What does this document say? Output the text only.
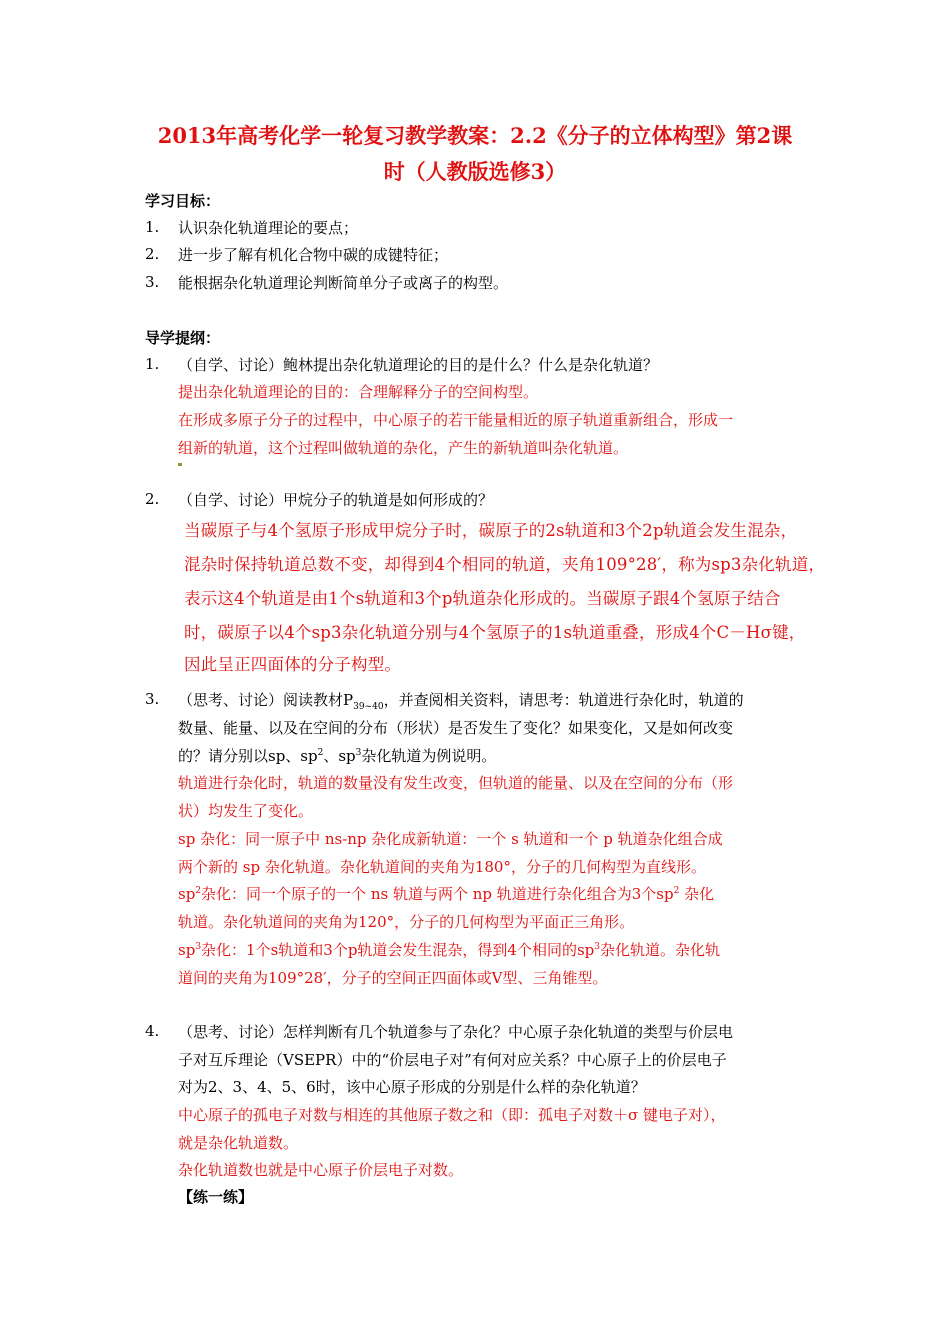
2013年高考化学一轮复习教学教案：2.2《分子的立体构型》第2课
时（人教版选修3）
学习目标：
1. 认识杂化轨道理论的要点；
2. 进一步了解有机化合物中碳的成键特征；
3. 能根据杂化轨道理论判断简单分子或离子的构型。
导学提纲：
1. （自学、讨论）鲍林提出杂化轨道理论的目的是什么？什么是杂化轨道？
提出杂化轨道理论的目的：合理解释分子的空间构型。
在形成多原子分子的过程中，中心原子的若干能量相近的原子轨道重新组合，形成一
组新的轨道，这个过程叫做轨道的杂化，产生的新轨道叫杂化轨道。
2. （自学、讨论）甲烷分子的轨道是如何形成的？
当碳原子与4个氢原子形成甲烷分子时，碳原子的2s轨道和3个2p轨道会发生混杂，
混杂时保持轨道总数不变，却得到4个相同的轨道，夹角109°28′，称为sp3杂化轨道，
表示这4个轨道是由1个s轨道和3个p轨道杂化形成的。当碳原子跟4个氢原子结合
时，碳原子以4个sp3杂化轨道分别与4个氢原子的1s轨道重叠，形成4个C－Hσ键，
因此呈正四面体的分子构型。
3. （思考、讨论）阅读教材$P_{39\sim 40}$，并查阅相关资料，请思考：轨道进行杂化时，轨道的
数量、能量、以及在空间的分布（形状）是否发生了变化？如果变化，又是如何改变
的？请分别以sp、$sp^2$、$sp^3$杂化轨道为例说明。
轨道进行杂化时，轨道的数量没有发生改变，但轨道的能量、以及在空间的分布（形
状）均发生了变化。
sp 杂化：同一原子中 ns-np 杂化成新轨道：一个 s 轨道和一个 p 轨道杂化组合成
两个新的 sp 杂化轨道。杂化轨道间的夹角为180°，分子的几何构型为直线形。
$sp^2$杂化：同一个原子的一个 ns 轨道与两个 np 轨道进行杂化组合为3个$sp^2$ 杂化
轨道。杂化轨道间的夹角为120°，分子的几何构型为平面正三角形。
$sp^3$杂化：1个s轨道和3个p轨道会发生混杂，得到4个相同的$sp^3$杂化轨道。杂化轨
道间的夹角为109°28′，分子的空间正四面体或V型、三角锥型。
4. （思考、讨论）怎样判断有几个轨道参与了杂化？中心原子杂化轨道的类型与价层电
子对互斥理论（VSEPR）中的“价层电子对”有何对应关系？中心原子上的价层电子
对为2、3、4、5、6时，该中心原子形成的分别是什么样的杂化轨道？
中心原子的孤电子对数与相连的其他原子数之和（即：孤电子对数＋σ 键电子对），
就是杂化轨道数。
杂化轨道数也就是中心原子价层电子对数。
【练一练】
